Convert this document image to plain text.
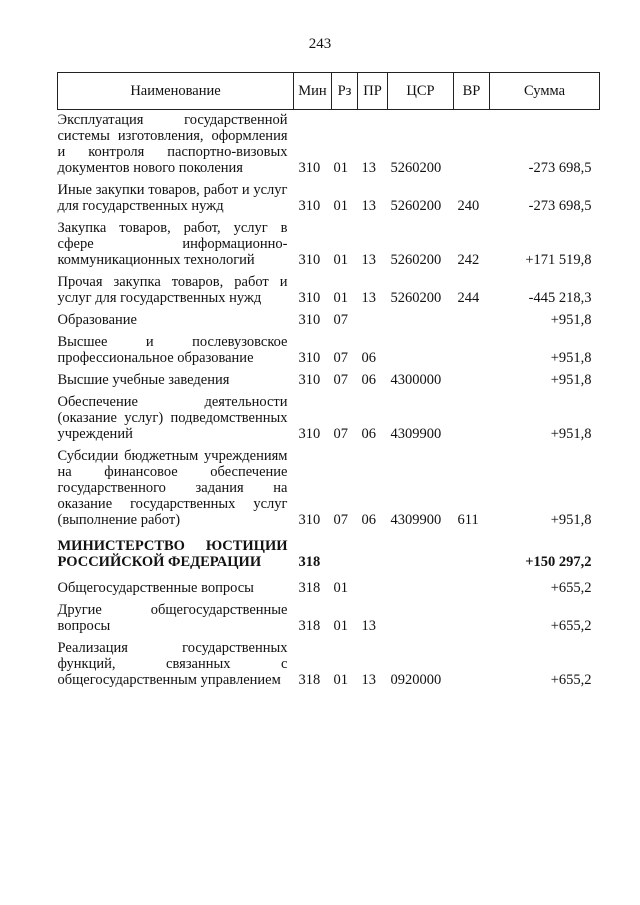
243
Наименование	Мин	Рз	ПР	ЦСР	ВР	Сумма
Эксплуатация государственной системы изготовления, оформления и контроля паспортно-визовых документов нового поколения	310	01	13	5260200		-273 698,5
Иные закупки товаров, работ и услуг для государственных нужд	310	01	13	5260200	240	-273 698,5
Закупка товаров, работ, услуг в сфере информационно-коммуникационных технологий	310	01	13	5260200	242	+171 519,8
Прочая закупка товаров, работ и услуг для государственных нужд	310	01	13	5260200	244	-445 218,3
Образование	310	07				+951,8
Высшее и послевузовское профессиональное образование	310	07	06			+951,8
Высшие учебные заведения	310	07	06	4300000		+951,8
Обеспечение деятельности (оказание услуг) подведомственных учреждений	310	07	06	4309900		+951,8
Субсидии бюджетным учреждениям на финансовое обеспечение государственного задания на оказание государственных услуг (выполнение работ)	310	07	06	4309900	611	+951,8
МИНИСТЕРСТВО ЮСТИЦИИ РОССИЙСКОЙ ФЕДЕРАЦИИ	318					+150 297,2
Общегосударственные вопросы	318	01				+655,2
Другие общегосударственные вопросы	318	01	13			+655,2
Реализация государственных функций, связанных с общегосударственным управлением	318	01	13	0920000		+655,2
